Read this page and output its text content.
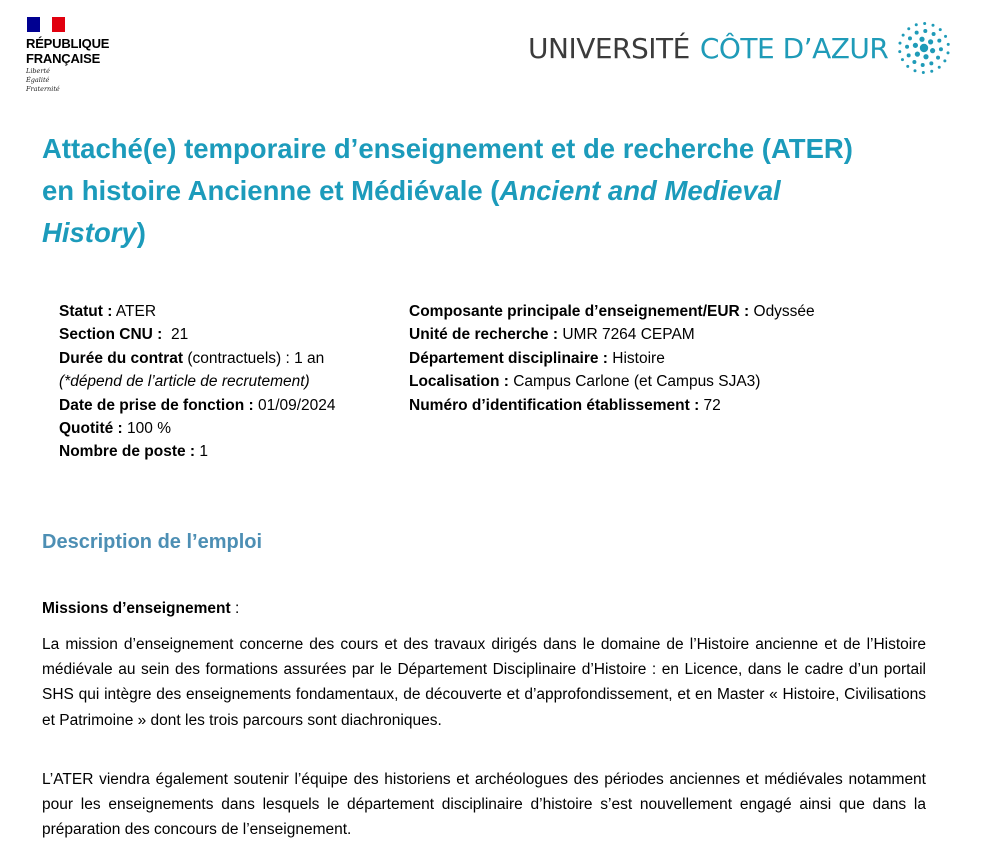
RÉPUBLIQUE
FRANÇAISE
Liberté
Égalité
Fraternité
UNIVERSITÉ CÔTE D’AZUR
Attaché(e) temporaire d’enseignement et de recherche (ATER) en histoire Ancienne et Médiévale (Ancient and Medieval History)
Statut : ATER
Section CNU :  21
Durée du contrat (contractuels) : 1 an
(*dépend de l’article de recrutement)
Date de prise de fonction : 01/09/2024
Quotité : 100 %
Nombre de poste : 1
Composante principale d’enseignement/EUR : Odyssée
Unité de recherche : UMR 7264 CEPAM
Département disciplinaire : Histoire
Localisation : Campus Carlone (et Campus SJA3)
Numéro d’identification établissement : 72
Description de l’emploi

Missions d’enseignement :

La mission d’enseignement concerne des cours et des travaux dirigés dans le domaine de l’Histoire ancienne et de l’Histoire médiévale au sein des formations assurées par le Département Disciplinaire d’Histoire : en Licence, dans le cadre d’un portail SHS qui intègre des enseignements fondamentaux, de découverte et d’approfondissement, et en Master « Histoire, Civilisations et Patrimoine » dont les trois parcours sont diachroniques.

L’ATER viendra également soutenir l’équipe des historiens et archéologues des périodes anciennes et médiévales notamment pour les enseignements dans lesquels le département disciplinaire d’histoire s’est nouvellement engagé ainsi que dans la préparation des concours de l’enseignement.
